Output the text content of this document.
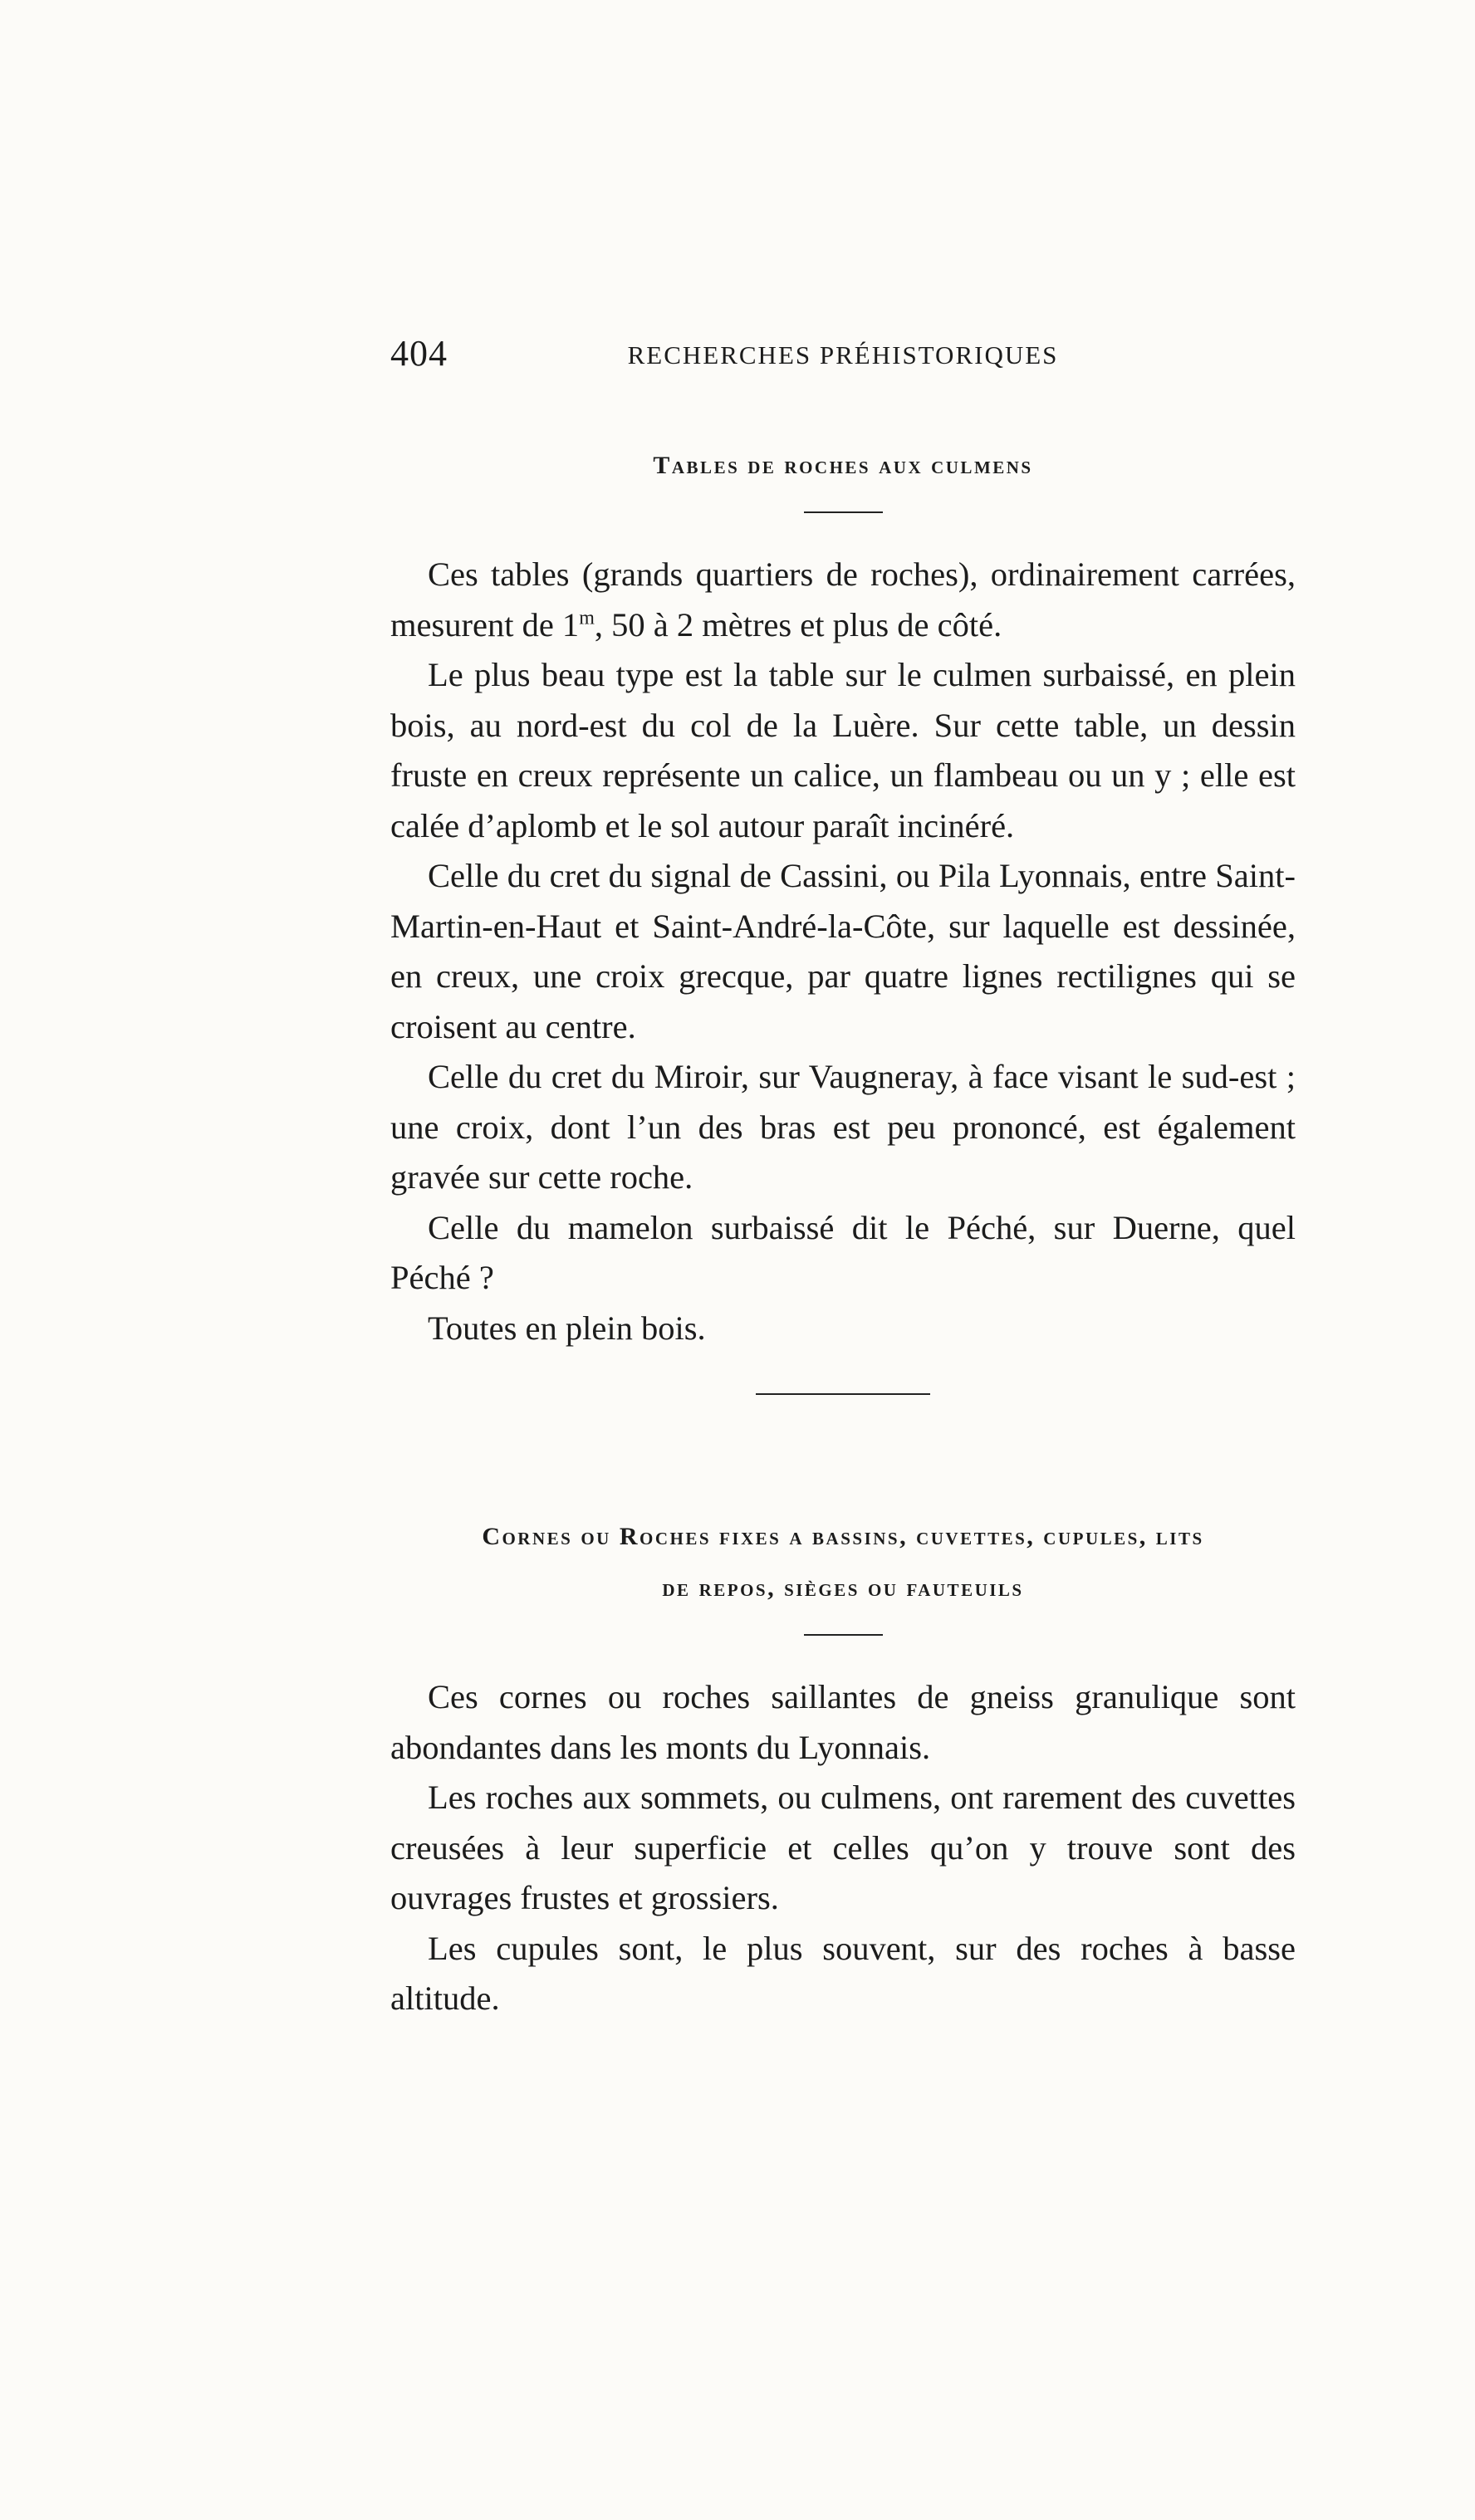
404	RECHERCHES PRÉHISTORIQUES
Tables de roches aux culmens

Ces tables (grands quartiers de roches), ordinairement carrées, mesurent de 1$^m$, 50 à 2 mètres et plus de côté.

Le plus beau type est la table sur le culmen surbaissé, en plein bois, au nord-est du col de la Luère. Sur cette table, un dessin fruste en creux représente un calice, un flambeau ou un y ; elle est calée d’aplomb et le sol autour paraît incinéré.

Celle du cret du signal de Cassini, ou Pila Lyonnais, entre Saint-Martin-en-Haut et Saint-André-la-Côte, sur laquelle est dessinée, en creux, une croix grecque, par quatre lignes rectilignes qui se croisent au centre.

Celle du cret du Miroir, sur Vaugneray, à face visant le sud-est ; une croix, dont l’un des bras est peu prononcé, est également gravée sur cette roche.

Celle du mamelon surbaissé dit le Péché, sur Duerne, quel Péché ?

Toutes en plein bois.

Cornes ou Roches fixes a bassins, cuvettes, cupules, lits
de repos, sièges ou fauteuils

Ces cornes ou roches saillantes de gneiss granulique sont abondantes dans les monts du Lyonnais.

Les roches aux sommets, ou culmens, ont rarement des cuvettes creusées à leur superficie et celles qu’on y trouve sont des ouvrages frustes et grossiers.

Les cupules sont, le plus souvent, sur des roches à basse altitude.
